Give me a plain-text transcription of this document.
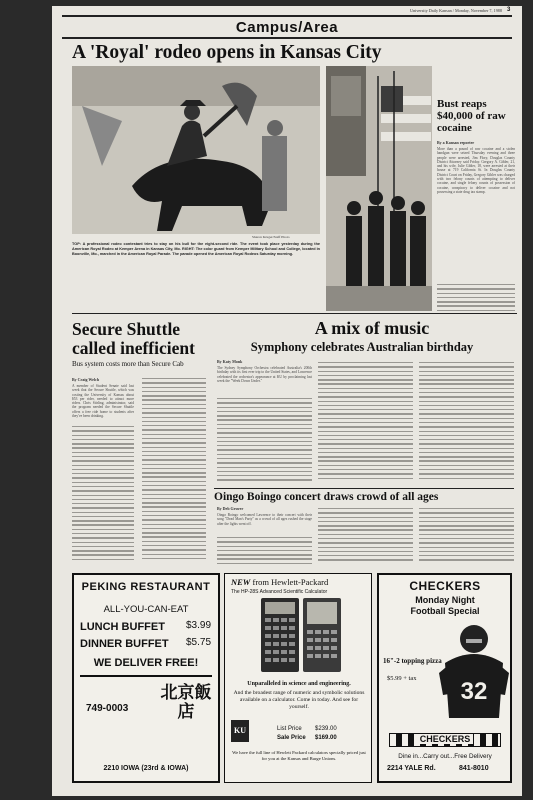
University Daily Kansan / Monday, November 7, 1988 3
Campus/Area
A 'Royal' rodeo opens in Kansas City
Sharon Kruger/Staff Photo
TOP: A professional rodeo contestant tries to stay on his bull for the eight-second ride. The event took place yesterday during the American Royal Rodeo at Kemper Arena in Kansas City, Mo. RIGHT: The color guard from Kemper Military School and College, located in Boonville, Mo., marched in the American Royal Parade. The parade opened the American Royal Rodeos Saturday morning.
Bust reaps $40,000 of raw cocaine
By a Kansan reporter
More than a pound of raw cocaine and a stolen handgun were seized Thursday evening and three people were arrested, Jim Flory, Douglas County District Attorney said Friday. Gregory A. Gibler, 21, and his wife, Julie Gibler, 18, were arrested at their house at 719 California St. In Douglas County District Court on Friday, Gregory Gibler was charged with two felony counts of attempting to deliver cocaine, and single felony counts of possession of cocaine, conspiracy to deliver cocaine and not possessing a state drug tax stamp.
Secure Shuttle called inefficient
Bus system costs more than Secure Cab
By Craig Welch
A member of Student Senate said last week that the Secure Shuttle, which was costing the University of Kansas about $53 per rider, needed to attract more riders. Chris Stirling, administrator, said the program needed the Secure Shuttle offers a free ride home to students after they've been drinking.
A mix of music
Symphony celebrates Australian birthday
By Katy Monk
The Sydney Symphony Orchestra celebrated Australia's 200th birthday with its first ever trip to the United States, and Lawrence celebrated the orchestra's appearance at KU by proclaiming last week the "Week Down Under."
Oingo Boingo concert draws crowd of all ages
By Deb Gruver
Oingo Boingo welcomed Lawrence to their concert with their song "Dead Man's Party" as a crowd of all ages rushed the stage after the lights went off.
PEKING RESTAURANT
ALL-YOU-CAN-EAT
LUNCH BUFFET $3.99
DINNER BUFFET $5.75
WE DELIVER FREE!
749-0003
北京飯店
2210 IOWA (23rd & IOWA)
NEW from Hewlett-Packard
The HP-28S Advanced Scientific Calculator
Unparalleled in science and engineering.
And the broadest range of numeric and symbolic solutions available on a calculator. Come in today. And see for yourself.
KU	List Price $239.00
Sale Price $169.00
We have the full line of Hewlett Packard calculators specially priced just for you at the Kansas and Burge Unions.
CHECKERS
Monday Night
Football Special
32
16"-2 topping pizza
$5.99 + tax
CHECKERS
Dine in...Carry out...Free Delivery
2214 YALE Rd.	841-8010
